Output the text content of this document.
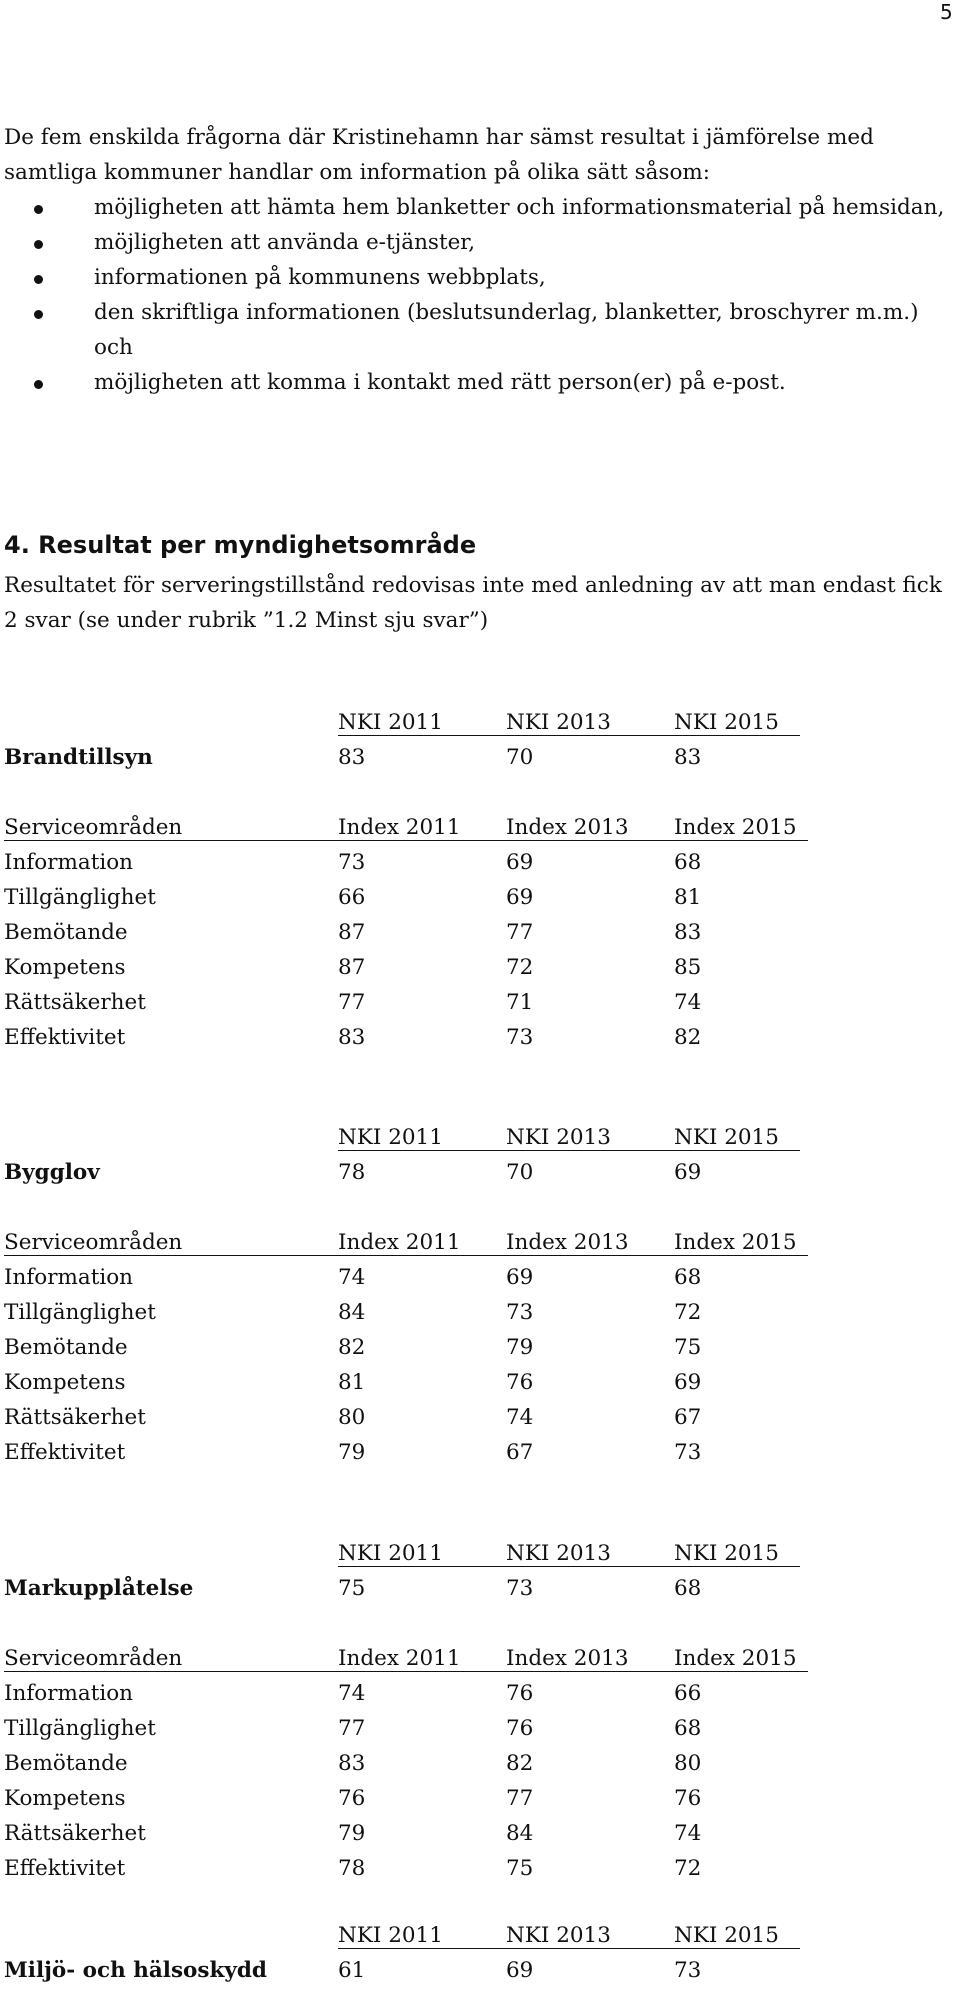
5

De fem enskilda frågorna där Kristinehamn har sämst resultat i jämförelse med samtliga kommuner handlar om information på olika sätt såsom:

möjligheten att hämta hem blanketter och informationsmaterial på hemsidan,
möjligheten att använda e-tjänster,
informationen på kommunens webbplats,
den skriftliga informationen (beslutsunderlag, blanketter, broschyrer m.m.) och
möjligheten att komma i kontakt med rätt person(er) på e-post.
4. Resultat per myndighetsområde

Resultatet för serveringstillstånd redovisas inte med anledning av att man endast fick 2 svar (se under rubrik ”1.2 Minst sju svar”)

NKI 2011	NKI 2013	NKI 2015
Brandtillsyn	83	70	83
Serviceområden	Index 2011 Index 2013 Index 2015
Information	73	69	68
Tillgänglighet	66	69	81
Bemötande	87	77	83
Kompetens	87	72	85
Rättsäkerhet	77	71	74
Effektivitet	83	73	82
NKI 2011	NKI 2013	NKI 2015
Bygglov	78	70	69
Serviceområden	Index 2011 Index 2013 Index 2015
Information	74	69	68
Tillgänglighet	84	73	72
Bemötande	82	79	75
Kompetens	81	76	69
Rättsäkerhet	80	74	67
Effektivitet	79	67	73
NKI 2011	NKI 2013	NKI 2015
Markupplåtelse	75	73	68
Serviceområden	Index 2011 Index 2013 Index 2015
Information	74	76	66
Tillgänglighet	77	76	68
Bemötande	83	82	80
Kompetens	76	77	76
Rättsäkerhet	79	84	74
Effektivitet	78	75	72
NKI 2011	NKI 2013	NKI 2015
Miljö- och hälsoskydd	61	69	73
